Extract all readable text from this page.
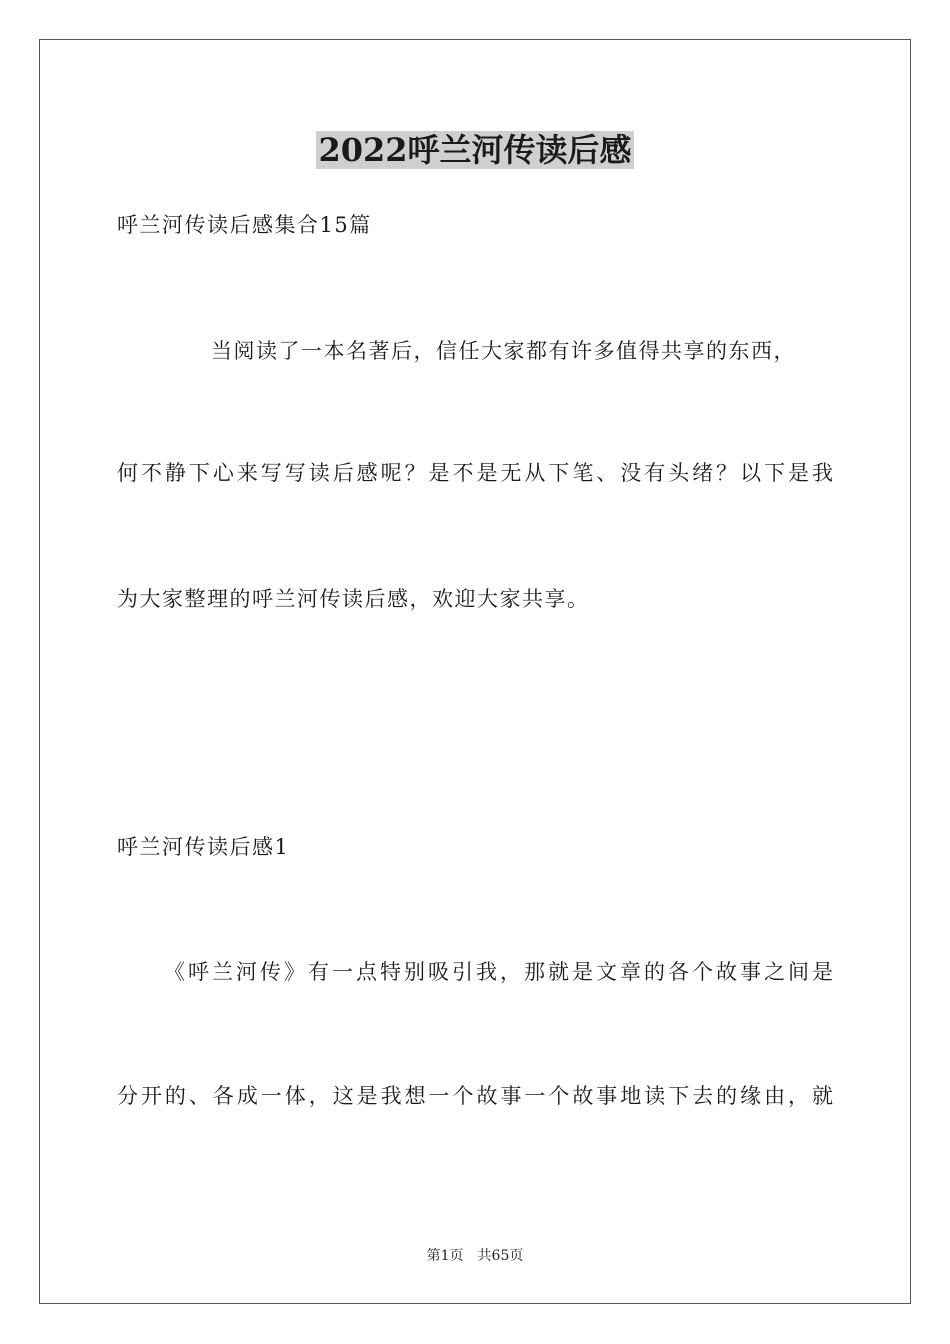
2022呼兰河传读后感
呼兰河传读后感集合15篇
当阅读了一本名著后，信任大家都有许多值得共享的东西，
何不静下心来写写读后感呢？是不是无从下笔、没有头绪？以下是我
为大家整理的呼兰河传读后感，欢迎大家共享。
呼兰河传读后感1
《呼兰河传》有一点特别吸引我，那就是文章的各个故事之间是
分开的、各成一体，这是我想一个故事一个故事地读下去的缘由，就
第1页 共65页
